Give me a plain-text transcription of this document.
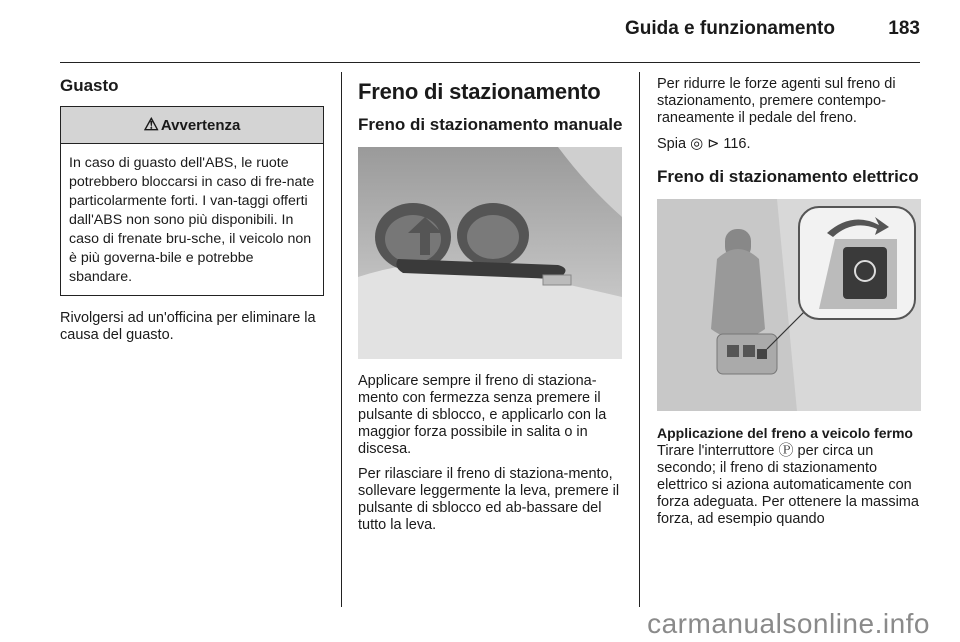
Guida e funzionamento	183
Guasto
⚠ Avvertenza
In caso di guasto dell'ABS, le ruote potrebbero bloccarsi in caso di fre-nate particolarmente forti. I van-taggi offerti dall'ABS non sono più disponibili. In caso di frenate bru-sche, il veicolo non è più governa-bile e potrebbe sbandare.

Rivolgersi ad un'officina per eliminare la causa del guasto.

Freno di stazionamento
Freno di stazionamento manuale

Applicare sempre il freno di staziona-mento con fermezza senza premere il pulsante di sblocco, e applicarlo con la maggior forza possibile in salita o in discesa.

Per rilasciare il freno di staziona-mento, sollevare leggermente la leva, premere il pulsante di sblocco ed ab-bassare del tutto la leva.

Per ridurre le forze agenti sul freno di stazionamento, premere contempo-raneamente il pedale del freno.

Spia ◎ ⊳ 116.

Freno di stazionamento elettrico
Applicazione del freno a veicolo fermo

Tirare l'interruttore Ⓟ per circa un secondo; il freno di stazionamento elettrico si aziona automaticamente con forza adeguata. Per ottenere la massima forza, ad esempio quando

carmanualsonline.info
